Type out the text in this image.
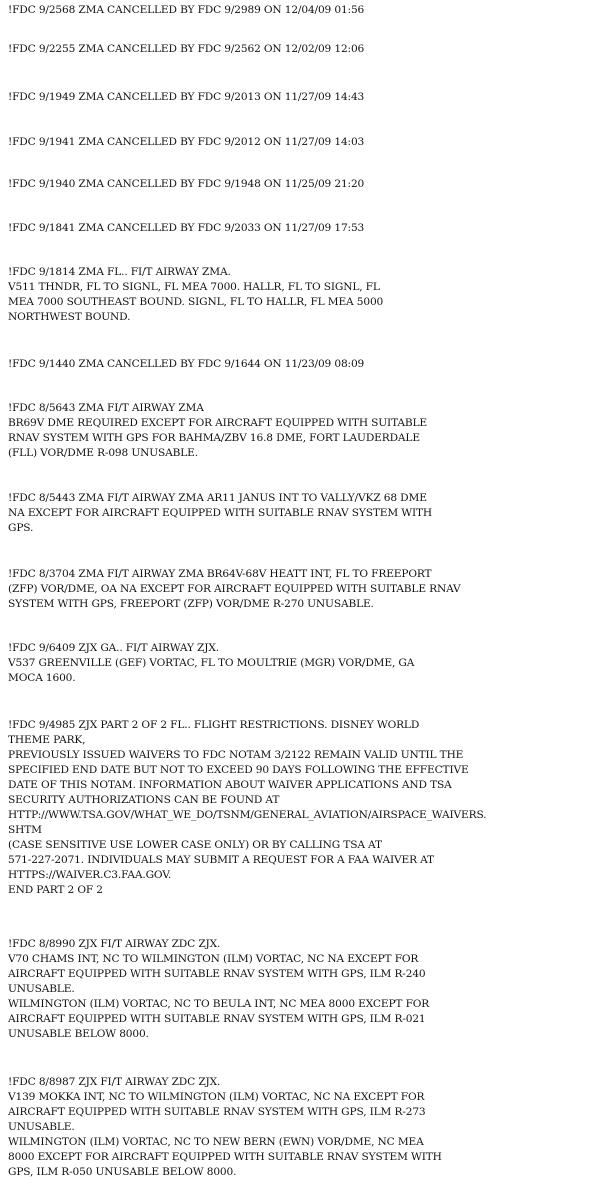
!FDC 9/2568 ZMA CANCELLED BY FDC 9/2989 ON 12/04/09 01:56
!FDC 9/2255 ZMA CANCELLED BY FDC 9/2562 ON 12/02/09 12:06
!FDC 9/1949 ZMA CANCELLED BY FDC 9/2013 ON 11/27/09 14:43
!FDC 9/1941 ZMA CANCELLED BY FDC 9/2012 ON 11/27/09 14:03
!FDC 9/1940 ZMA CANCELLED BY FDC 9/1948 ON 11/25/09 21:20
!FDC 9/1841 ZMA CANCELLED BY FDC 9/2033 ON 11/27/09 17:53
!FDC 9/1814 ZMA FL.. FI/T AIRWAY ZMA.
V511 THNDR, FL TO SIGNL, FL MEA 7000. HALLR, FL TO SIGNL, FL
MEA 7000 SOUTHEAST BOUND. SIGNL, FL TO HALLR, FL MEA 5000
NORTHWEST BOUND.
!FDC 9/1440 ZMA CANCELLED BY FDC 9/1644 ON 11/23/09 08:09
!FDC 8/5643 ZMA FI/T AIRWAY ZMA
BR69V DME REQUIRED EXCEPT FOR AIRCRAFT EQUIPPED WITH SUITABLE
RNAV SYSTEM WITH GPS FOR BAHMA/ZBV 16.8 DME, FORT LAUDERDALE
(FLL) VOR/DME R-098 UNUSABLE.
!FDC 8/5443 ZMA FI/T AIRWAY ZMA AR11 JANUS INT TO VALLY/VKZ 68 DME
NA EXCEPT FOR AIRCRAFT EQUIPPED WITH SUITABLE RNAV SYSTEM WITH
GPS.
!FDC 8/3704 ZMA FI/T AIRWAY ZMA BR64V-68V HEATT INT, FL TO FREEPORT
(ZFP) VOR/DME, OA NA EXCEPT FOR AIRCRAFT EQUIPPED WITH SUITABLE RNAV
SYSTEM WITH GPS, FREEPORT (ZFP) VOR/DME R-270 UNUSABLE.
!FDC 9/6409 ZJX GA.. FI/T AIRWAY ZJX.
V537 GREENVILLE (GEF) VORTAC, FL TO MOULTRIE (MGR) VOR/DME, GA
MOCA 1600.
!FDC 9/4985 ZJX PART 2 OF 2 FL.. FLIGHT RESTRICTIONS. DISNEY WORLD
THEME PARK,
PREVIOUSLY ISSUED WAIVERS TO FDC NOTAM 3/2122 REMAIN VALID UNTIL THE
SPECIFIED END DATE BUT NOT TO EXCEED 90 DAYS FOLLOWING THE EFFECTIVE
DATE OF THIS NOTAM. INFORMATION ABOUT WAIVER APPLICATIONS AND TSA
SECURITY AUTHORIZATIONS CAN BE FOUND AT
HTTP://WWW.TSA.GOV/WHAT_WE_DO/TSNM/GENERAL_AVIATION/AIRSPACE_WAIVERS.
SHTM
(CASE SENSITIVE USE LOWER CASE ONLY) OR BY CALLING TSA AT
571-227-2071. INDIVIDUALS MAY SUBMIT A REQUEST FOR A FAA WAIVER AT
HTTPS://WAIVER.C3.FAA.GOV.
END PART 2 OF 2
!FDC 8/8990 ZJX FI/T AIRWAY ZDC ZJX.
V70 CHAMS INT, NC TO WILMINGTON (ILM) VORTAC, NC NA EXCEPT FOR
AIRCRAFT EQUIPPED WITH SUITABLE RNAV SYSTEM WITH GPS, ILM R-240
UNUSABLE.
WILMINGTON (ILM) VORTAC, NC TO BEULA INT, NC MEA 8000 EXCEPT FOR
AIRCRAFT EQUIPPED WITH SUITABLE RNAV SYSTEM WITH GPS, ILM R-021
UNUSABLE BELOW 8000.
!FDC 8/8987 ZJX FI/T AIRWAY ZDC ZJX.
V139 MOKKA INT, NC TO WILMINGTON (ILM) VORTAC, NC NA EXCEPT FOR
AIRCRAFT EQUIPPED WITH SUITABLE RNAV SYSTEM WITH GPS, ILM R-273
UNUSABLE.
WILMINGTON (ILM) VORTAC, NC TO NEW BERN (EWN) VOR/DME, NC MEA
8000 EXCEPT FOR AIRCRAFT EQUIPPED WITH SUITABLE RNAV SYSTEM WITH
GPS, ILM R-050 UNUSABLE BELOW 8000.
